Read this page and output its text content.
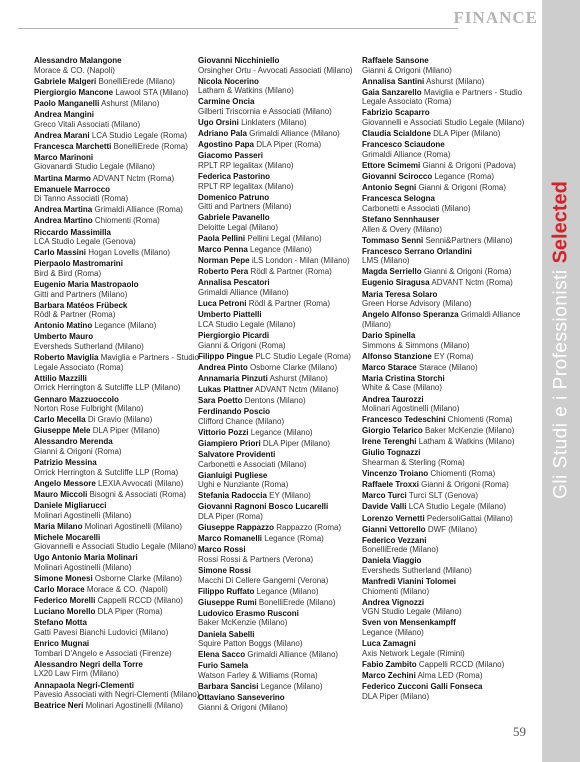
FINANCE
Gli Studi e i ProfessionistiSelected
Alessandro Malangone
Morace & CO. (Napoli)
Gabriele Malgeri BonelliErede (Milano)
Piergiorgio Mancone Lawool STA (Milano)
Paolo Manganelli Ashurst (Milano)
Andrea Mangini
Greco Vitali Associati (Milano)
Andrea Marani LCA Studio Legale (Roma)
Francesca Marchetti BonelliErede (Roma)
Marco Marinoni
Giovanardi Studio Legale (Milano)
Martina Marmo ADVANT Nctm (Roma)
Emanuele Marrocco
Di Tanno Associati (Roma)
Andrea Martina Grimaldi Alliance (Roma)
Andrea Martino Chiomenti (Roma)
Riccardo Massimilla
LCA Studio Legale (Genova)
Carlo Massini Hogan Lovells (Milano)
Pierpaolo Mastromarini
Bird & Bird (Roma)
Eugenio Maria Mastropaolo
Gitti and Partners (Milano)
Barbara Matéos Frübeck
Rödl & Partner (Roma)
Antonio Matino Legance (Milano)
Umberto Mauro
Eversheds Sutherland (Milano)
Roberto Maviglia Maviglia e Partners - Studio Legale Associato (Roma)
Attilio Mazzilli
Orrick Herrington & Sutcliffe LLP (Milano)
Gennaro Mazzuoccolo
Norton Rose Fulbright (Milano)
Carlo Mecella Di Gravio (Milano)
Giuseppe Mele DLA Piper (Milano)
Alessandro Merenda
Gianni & Origoni (Roma)
Patrizio Messina
Orrick Herrington & Sutcliffe LLP (Roma)
Angelo Messore LEXIA Avvocati (Milano)
Mauro Miccoli Bisogni & Associati (Roma)
Daniele Migliarucci
Molinari Agostinelli (Milano)
Maria Milano Molinari Agostinelli (Milano)
Michele Mocarelli
Giovannelli e Associati Studio Legale (Milano)
Ugo Antonio Maria Molinari
Molinari Agostinelli (Milano)
Simone Monesi Osborne Clarke (Milano)
Carlo Morace Morace & CO. (Napoli)
Federico Morelli Cappelli RCCD (Milano)
Luciano Morello DLA Piper (Roma)
Stefano Motta
Gatti Pavesi Bianchi Ludovici (Milano)
Enrico Mugnai
Tombari D'Angelo e Associati (Firenze)
Alessandro Negri della Torre
LX20 Law Firm (Milano)
Annapaola Negri-Clementi
Pavesio Associati with Negri-Clementi (Milano)
Beatrice Neri Molinari Agostinelli (Milano)
Giovanni Nicchiniello
Orsingher Ortu - Avvocati Associati (Milano)
Nicola Nocerino
Latham & Watkins (Milano)
Carmine Oncia
Gilberti Triscornia e Associati (Milano)
Ugo Orsini Linklaters (Milano)
Adriano Pala Grimaldi Alliance (Milano)
Agostino Papa DLA Piper (Roma)
Giacomo Passeri
RPLT RP legalitax (Milano)
Federica Pastorino
RPLT RP legalitax (Milano)
Domenico Patruno
Gitti and Partners (Milano)
Gabriele Pavanello
Deloitte Legal (Milano)
Paola Pellini Pellini Legal (Milano)
Marco Penna Legance (Milano)
Norman Pepe iLS London - Milan (Milano)
Roberto Pera Rödl & Partner (Roma)
Annalisa Pescatori
Grimaldi Alliance (Milano)
Luca Petroni Rödl & Partner (Roma)
Umberto Piattelli
LCA Studio Legale (Milano)
Piergiorgio Picardi
Gianni & Origoni (Roma)
Filippo Pingue PLC Studio Legale (Roma)
Andrea Pinto Osborne Clarke (Milano)
Annamaria Pinzuti Ashurst (Milano)
Lukas Plattner ADVANT Nctm (Milano)
Sara Poetto Dentons (Milano)
Ferdinando Poscio
Clifford Chance (Milano)
Vittorio Pozzi Legance (Milano)
Giampiero Priori DLA Piper (Milano)
Salvatore Providenti
Carbonetti e Associati (Milano)
Gianluigi Pugliese
Ughi e Nunziante (Roma)
Stefania Radoccia EY (Milano)
Giovanni Ragnoni Bosco Lucarelli
DLA Piper (Roma)
Giuseppe Rappazzo Rappazzo (Roma)
Marco Romanelli Legance (Roma)
Marco Rossi
Rossi Rossi & Partners (Verona)
Simone Rossi
Macchi Di Cellere Gangemi (Verona)
Filippo Ruffato Legance (Milano)
Giuseppe Rumi BonelliErede (Milano)
Ludovico Erasmo Rusconi
Baker McKenzie (Milano)
Daniela Sabelli
Squire Patton Boggs (Milano)
Elena Sacco Grimaldi Alliance (Milano)
Furio Samela
Watson Farley & Williams (Roma)
Barbara Sancisi Legance (Milano)
Ottaviano Sanseverino
Gianni & Origoni (Milano)
Raffaele Sansone
Gianni & Origoni (Milano)
Annalisa Santini Ashurst (Milano)
Gaia Sanzarello Maviglia e Partners - Studio Legale Associato (Roma)
Fabrizio Scaparro
Giovannelli e Associati Studio Legale (Milano)
Claudia Scialdone DLA Piper (Milano)
Francesco Sciaudone
Grimaldi Alliance (Roma)
Ettore Scimemi Gianni & Origoni (Padova)
Giovanni Scirocco Legance (Roma)
Antonio Segni Gianni & Origoni (Roma)
Francesca Selogna
Carbonetti e Associati (Milano)
Stefano Sennhauser
Allen & Overy (Milano)
Tommaso Senni Senni&Partners (Milano)
Francesco Serrano Orlandini
LMS (Milano)
Magda Serriello Gianni & Origoni (Roma)
Eugenio Siragusa ADVANT Nctm (Roma)
Maria Teresa Solaro
Green Horse Advisory (Milano)
Angelo Alfonso Speranza Grimaldi Alliance (Milano)
Dario Spinella
Simmons & Simmons (Milano)
Alfonso Stanzione EY (Roma)
Marco Starace Starace (Milano)
Maria Cristina Storchi
White & Case (Milano)
Andrea Taurozzi
Molinari Agostinelli (Milano)
Francesco Tedeschini Chiomenti (Roma)
Giorgio Telarico Baker McKenzie (Milano)
Irene Terenghi Latham & Watkins (Milano)
Giulio Tognazzi
Shearman & Sterling (Roma)
Vincenzo Troiano Chiomenti (Roma)
Raffaele Troxxi Gianni & Origoni (Roma)
Marco Turci Turci SLT (Genova)
Davide Valli LCA Studio Legale (Milano)
Lorenzo Vernetti PedersoliGattai (Milano)
Gianni Vettorello DWF (Milano)
Federico Vezzani
BonelliErede (Milano)
Daniela Viaggio
Eversheds Sutherland (Milano)
Manfredi Vianini Tolomei
Chiomenti (Milano)
Andrea Vignozzi
VGN Studio Legale (Milano)
Sven von Mensenkampff
Legance (Milano)
Luca Zamagni
Axis Network Legale (Rimini)
Fabio Zambito Cappelli RCCD (Milano)
Marco Zechini Alma LED (Roma)
Federico Zucconi Galli Fonseca
DLA Piper (Milano)
59
